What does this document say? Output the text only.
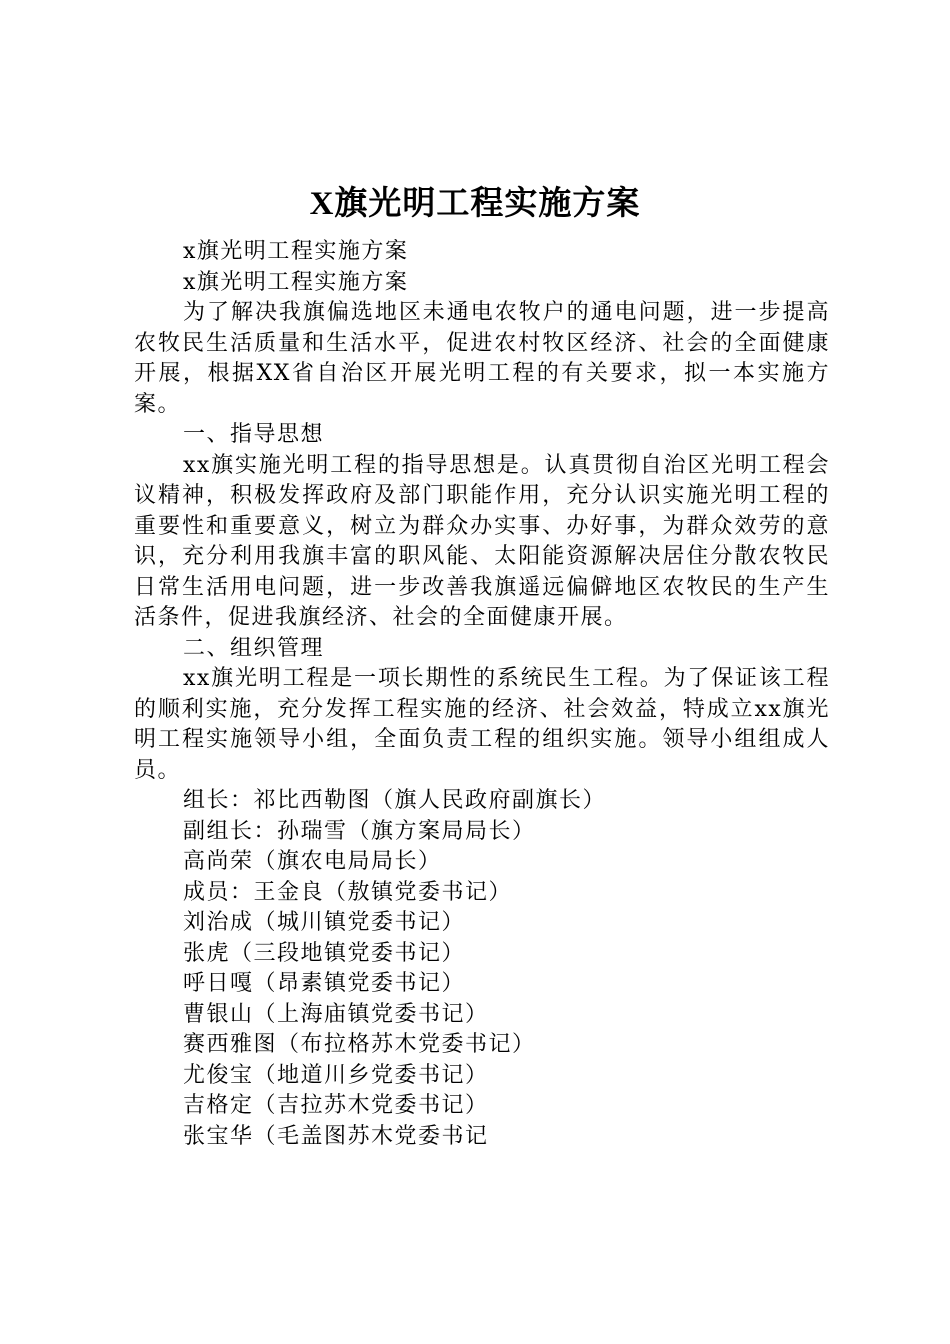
X旗光明工程实施方案

x旗光明工程实施方案

x旗光明工程实施方案

为了解决我旗偏选地区未通电农牧户的通电问题，进一步提高农牧民生活质量和生活水平，促进农村牧区经济、社会的全面健康开展，根据XX省自治区开展光明工程的有关要求，拟一本实施方案。

一、指导思想

xx旗实施光明工程的指导思想是。认真贯彻自治区光明工程会议精神，积极发挥政府及部门职能作用，充分认识实施光明工程的重要性和重要意义，树立为群众办实事、办好事，为群众效劳的意识，充分利用我旗丰富的职风能、太阳能资源解决居住分散农牧民日常生活用电问题，进一步改善我旗遥远偏僻地区农牧民的生产生活条件，促进我旗经济、社会的全面健康开展。

二、组织管理

xx旗光明工程是一项长期性的系统民生工程。为了保证该工程的顺利实施，充分发挥工程实施的经济、社会效益，特成立xx旗光明工程实施领导小组，全面负责工程的组织实施。领导小组组成人员。

组长：祁比西勒图（旗人民政府副旗长）

副组长：孙瑞雪（旗方案局局长）

高尚荣（旗农电局局长）

成员：王金良（敖镇党委书记）

刘治成（城川镇党委书记）

张虎（三段地镇党委书记）

呼日嘎（昂素镇党委书记）

曹银山（上海庙镇党委书记）

赛西雅图（布拉格苏木党委书记）

尤俊宝（地道川乡党委书记）

吉格定（吉拉苏木党委书记）

张宝华（毛盖图苏木党委书记
